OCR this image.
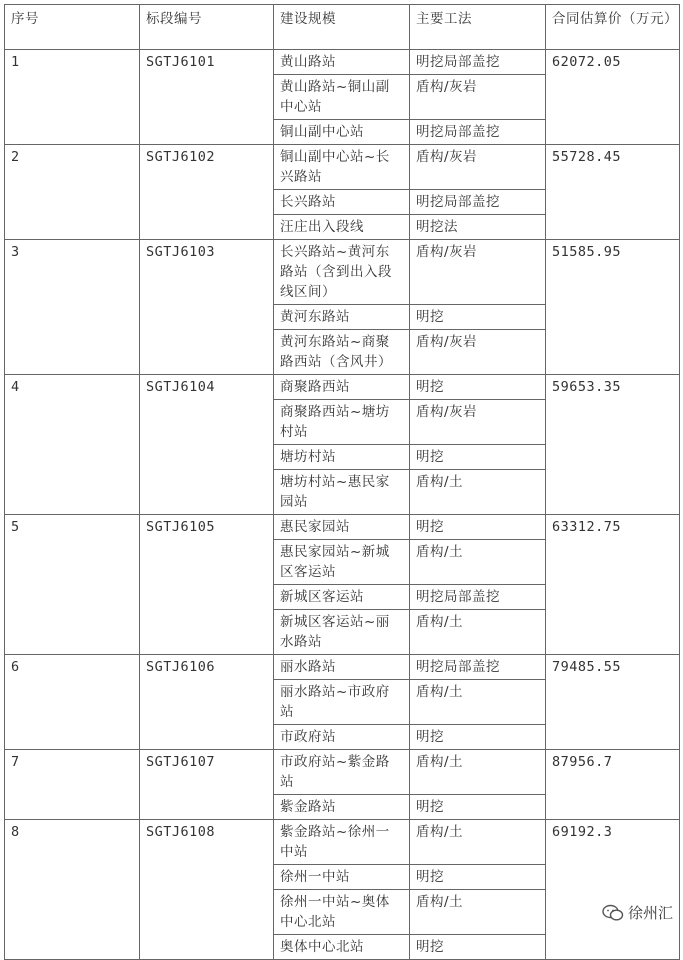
序号	标段编号	建设规模	主要工法	合同估算价（万元）
1	SGTJ6101	黄山路站	明挖局部盖挖	62072.05
		黄山路站~铜山副中心站	盾构/灰岩	
		铜山副中心站	明挖局部盖挖	
2	SGTJ6102	铜山副中心站~长兴路站	盾构/灰岩	55728.45
		长兴路站	明挖局部盖挖	
		汪庄出入段线	明挖法	
3	SGTJ6103	长兴路站~黄河东路站（含到出入段线区间）	盾构/灰岩	51585.95
		黄河东路站	明挖	
		黄河东路站~商聚路西站（含风井）	盾构/灰岩	
4	SGTJ6104	商聚路西站	明挖	59653.35
		商聚路西站~塘坊村站	盾构/灰岩	
		塘坊村站	明挖	
		塘坊村站~惠民家园站	盾构/土	
5	SGTJ6105	惠民家园站	明挖	63312.75
		惠民家园站~新城区客运站	盾构/土	
		新城区客运站	明挖局部盖挖	
		新城区客运站~丽水路站	盾构/土	
6	SGTJ6106	丽水路站	明挖局部盖挖	79485.55
		丽水路站~市政府站	盾构/土	
		市政府站	明挖	
7	SGTJ6107	市政府站~紫金路站	盾构/土	87956.7
		紫金路站	明挖	
8	SGTJ6108	紫金路站~徐州一中站	盾构/土	69192.3
		徐州一中站	明挖	
		徐州一中站~奥体中心北站	盾构/土	
		奥体中心北站	明挖	
徐州汇
